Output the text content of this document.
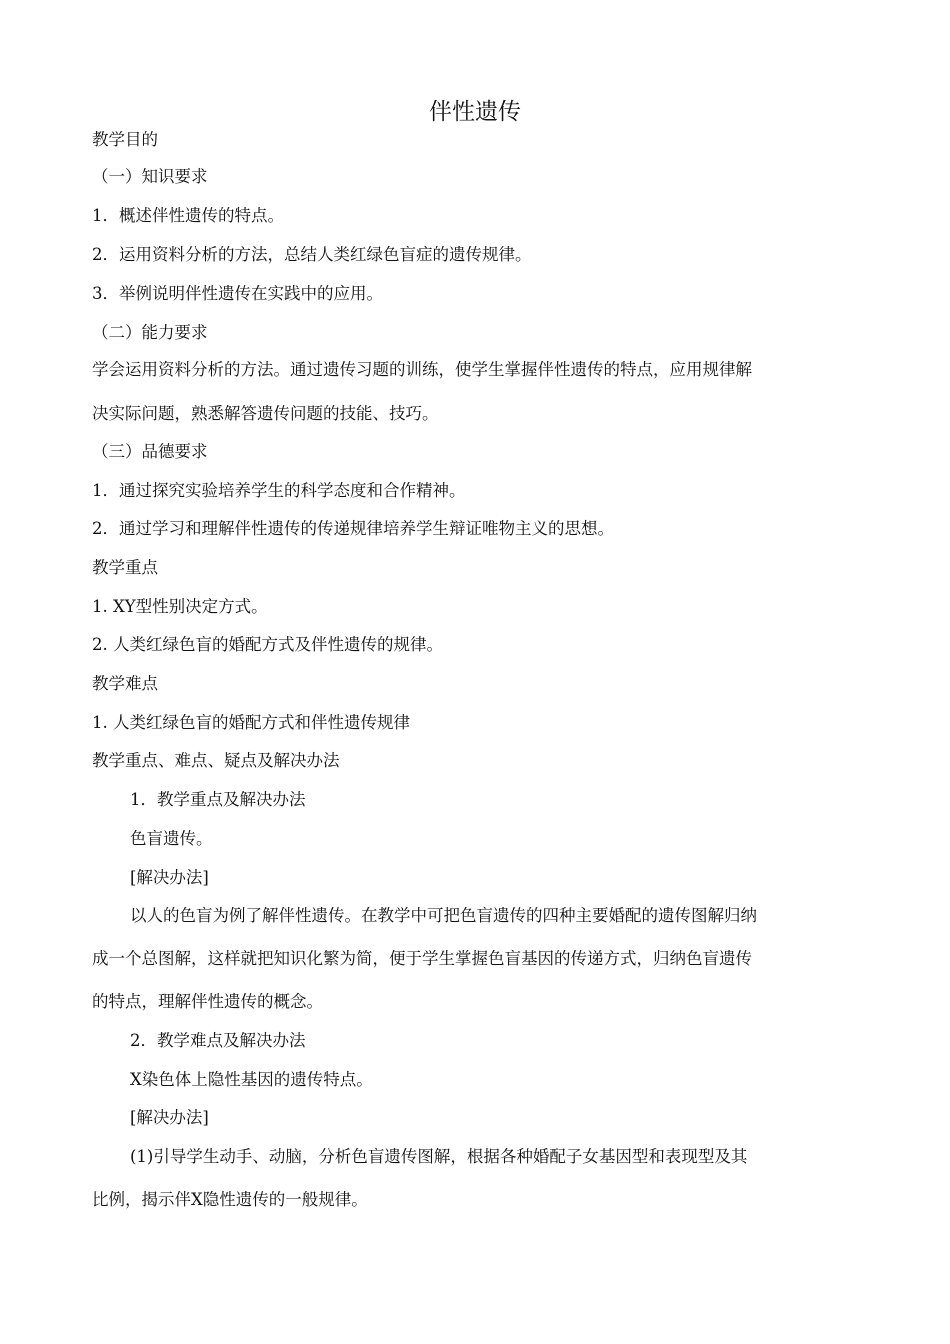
伴性遗传
教学目的
（一）知识要求
1．概述伴性遗传的特点。
2．运用资料分析的方法，总结人类红绿色盲症的遗传规律。
3．举例说明伴性遗传在实践中的应用。
（二）能力要求
学会运用资料分析的方法。通过遗传习题的训练，使学生掌握伴性遗传的特点，应用规律解
决实际问题，熟悉解答遗传问题的技能、技巧。
（三）品德要求
1．通过探究实验培养学生的科学态度和合作精神。
2．通过学习和理解伴性遗传的传递规律培养学生辩证唯物主义的思想。
教学重点
1. XY型性别决定方式。
2. 人类红绿色盲的婚配方式及伴性遗传的规律。
教学难点
1. 人类红绿色盲的婚配方式和伴性遗传规律
教学重点、难点、疑点及解决办法
1．教学重点及解决办法
色盲遗传。
[解决办法]
以人的色盲为例了解伴性遗传。在教学中可把色盲遗传的四种主要婚配的遗传图解归纳
成一个总图解，这样就把知识化繁为简，便于学生掌握色盲基因的传递方式，归纳色盲遗传
的特点，理解伴性遗传的概念。
2．教学难点及解决办法
X染色体上隐性基因的遗传特点。
[解决办法]
(1)引导学生动手、动脑，分析色盲遗传图解，根据各种婚配子女基因型和表现型及其
比例，揭示伴X隐性遗传的一般规律。
